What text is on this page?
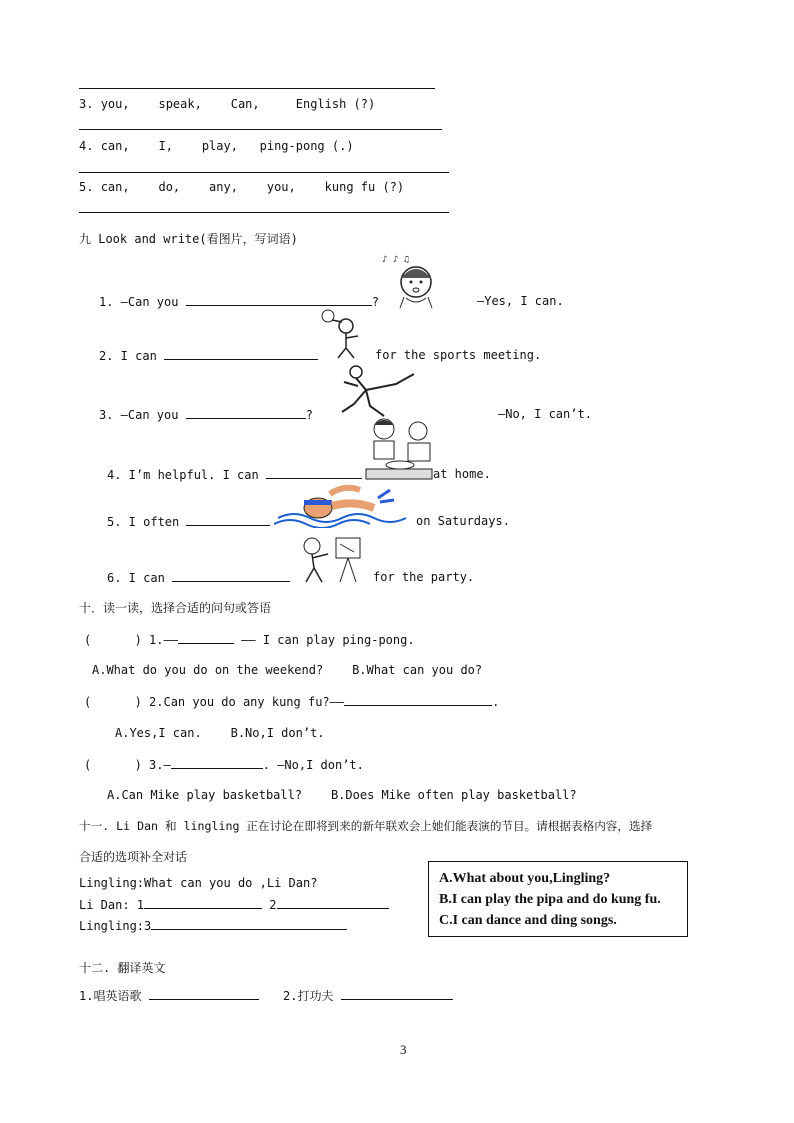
3. you,    speak,    Can,     English (?)
4. can,    I,    play,   ping-pong (.)
5. can,    do,    any,    you,    kung fu (?)
九 Look and write(看图片，写词语)
♪ ♪ ♫
1. —Can you	?	—Yes, I can.
2. I can	for the sports meeting.
3. —Can you	?	—No, I can’t.
4. I’m helpful. I can	at home.
5. I often	on Saturdays.
6. I can	for the party.
十．读一读，选择合适的问句或答语
(      ) 1.——	—— I can play ping-pong.
A.What do you do on the weekend?    B.What can you do?
(      ) 2.Can you do any kung fu?——	.
A.Yes,I can.    B.No,I don’t.
(      ) 3.—	. —No,I don’t.
A.Can Mike play basketball?    B.Does Mike often play basketball?
十一. Li Dan 和 lingling 正在讨论在即将到来的新年联欢会上她们能表演的节目。请根据表格内容，选择
合适的选项补全对话
Lingling:What can you do ,Li Dan?
Li Dan: 1	2
Lingling:3
A.What about you,Lingling?
B.I can play the pipa and do kung fu.
C.I can dance and ding songs.
十二. 翻译英文
1.唱英语歌	2.打功夫
3
